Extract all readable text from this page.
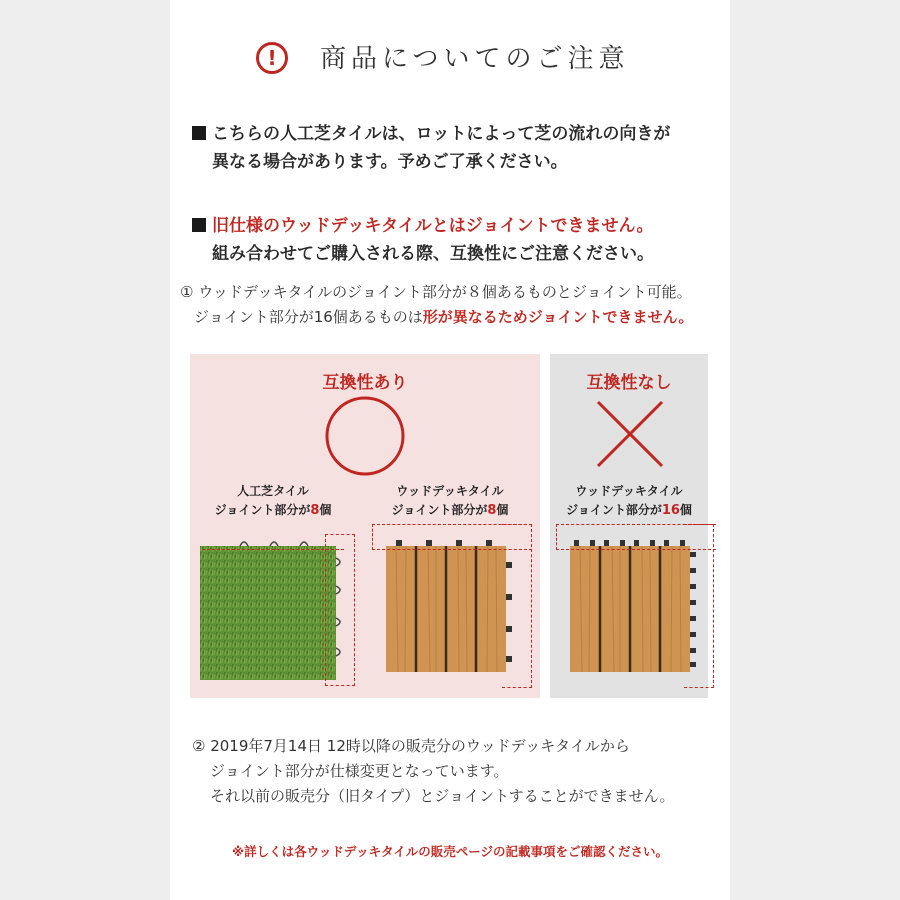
!	商品についてのご注意
こちらの人工芝タイルは、ロットによって芝の流れの向きが
異なる場合があります。予めご了承ください。
旧仕様のウッドデッキタイルとはジョイントできません。
組み合わせてご購入される際、互換性にご注意ください。
① ウッドデッキタイルのジョイント部分が８個あるものとジョイント可能。
ジョイント部分が16個あるものは形が異なるためジョイントできません。
互換性あり
人工芝タイル
ジョイント部分が8個
ウッドデッキタイル
ジョイント部分が8個
互換性なし
ウッドデッキタイル
ジョイント部分が16個
② 2019年7月14日 12時以降の販売分のウッドデッキタイルから
ジョイント部分が仕様変更となっています。
それ以前の販売分（旧タイプ）とジョイントすることができません。
※詳しくは各ウッドデッキタイルの販売ページの記載事項をご確認ください。
